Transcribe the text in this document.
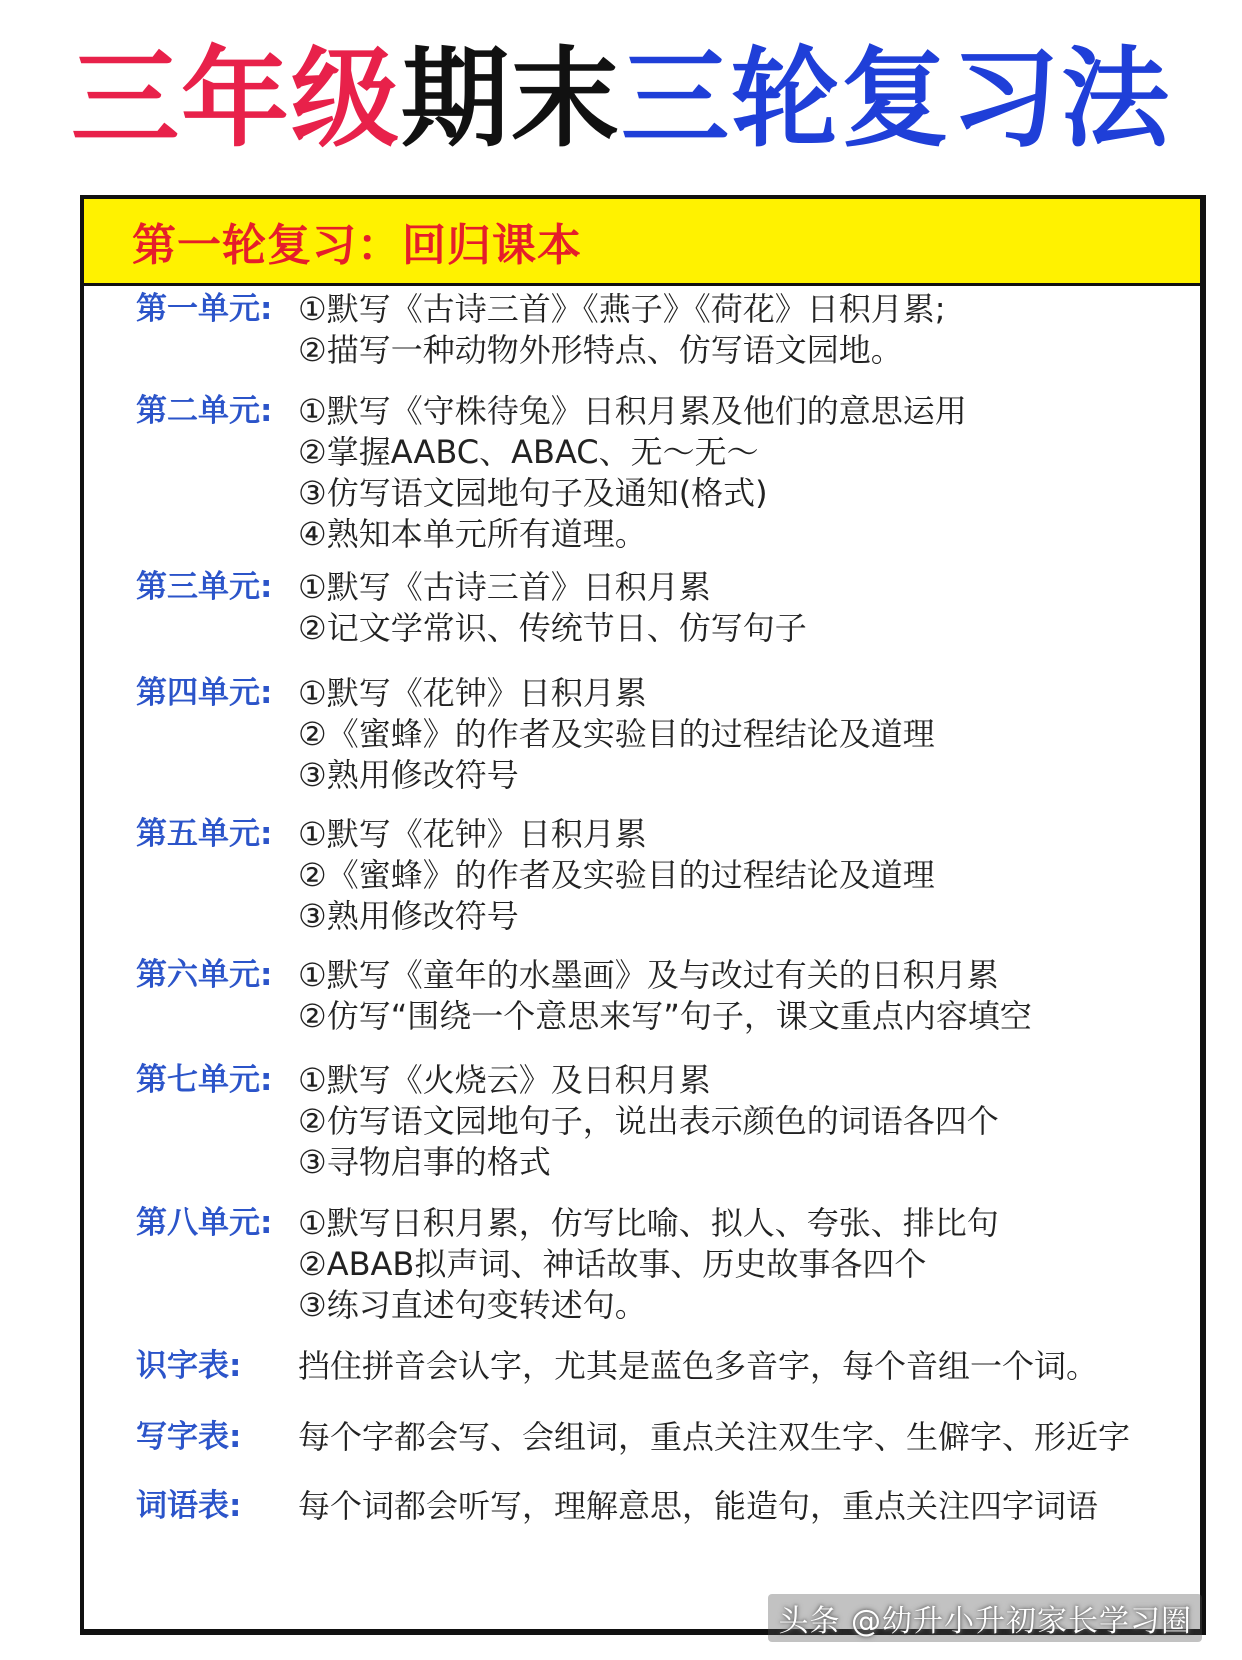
三年级期末三轮复习法
第一轮复习：回归课本
第一单元: ①默写《古诗三首》《燕子》《荷花》日积月累;
②描写一种动物外形特点、仿写语文园地。
第二单元: ①默写《守株待兔》日积月累及他们的意思运用
②掌握AABC、ABAC、无～无～
③仿写语文园地句子及通知(格式)
④熟知本单元所有道理。
第三单元: ①默写《古诗三首》日积月累
②记文学常识、传统节日、仿写句子
第四单元: ①默写《花钟》日积月累
②《蜜蜂》的作者及实验目的过程结论及道理
③熟用修改符号
第五单元: ①默写《花钟》日积月累
②《蜜蜂》的作者及实验目的过程结论及道理
③熟用修改符号
第六单元: ①默写《童年的水墨画》及与改过有关的日积月累
②仿写“围绕一个意思来写”句子，课文重点内容填空
第七单元: ①默写《火烧云》及日积月累
②仿写语文园地句子，说出表示颜色的词语各四个
③寻物启事的格式
第八单元: ①默写日积月累，仿写比喻、拟人、夸张、排比句
②ABAB拟声词、神话故事、历史故事各四个
③练习直述句变转述句。
识字表:	挡住拼音会认字，尤其是蓝色多音字，每个音组一个词。
写字表:	每个字都会写、会组词，重点关注双生字、生僻字、形近字
词语表:	每个词都会听写，理解意思，能造句，重点关注四字词语
头条 @幼升小升初家长学习圈
